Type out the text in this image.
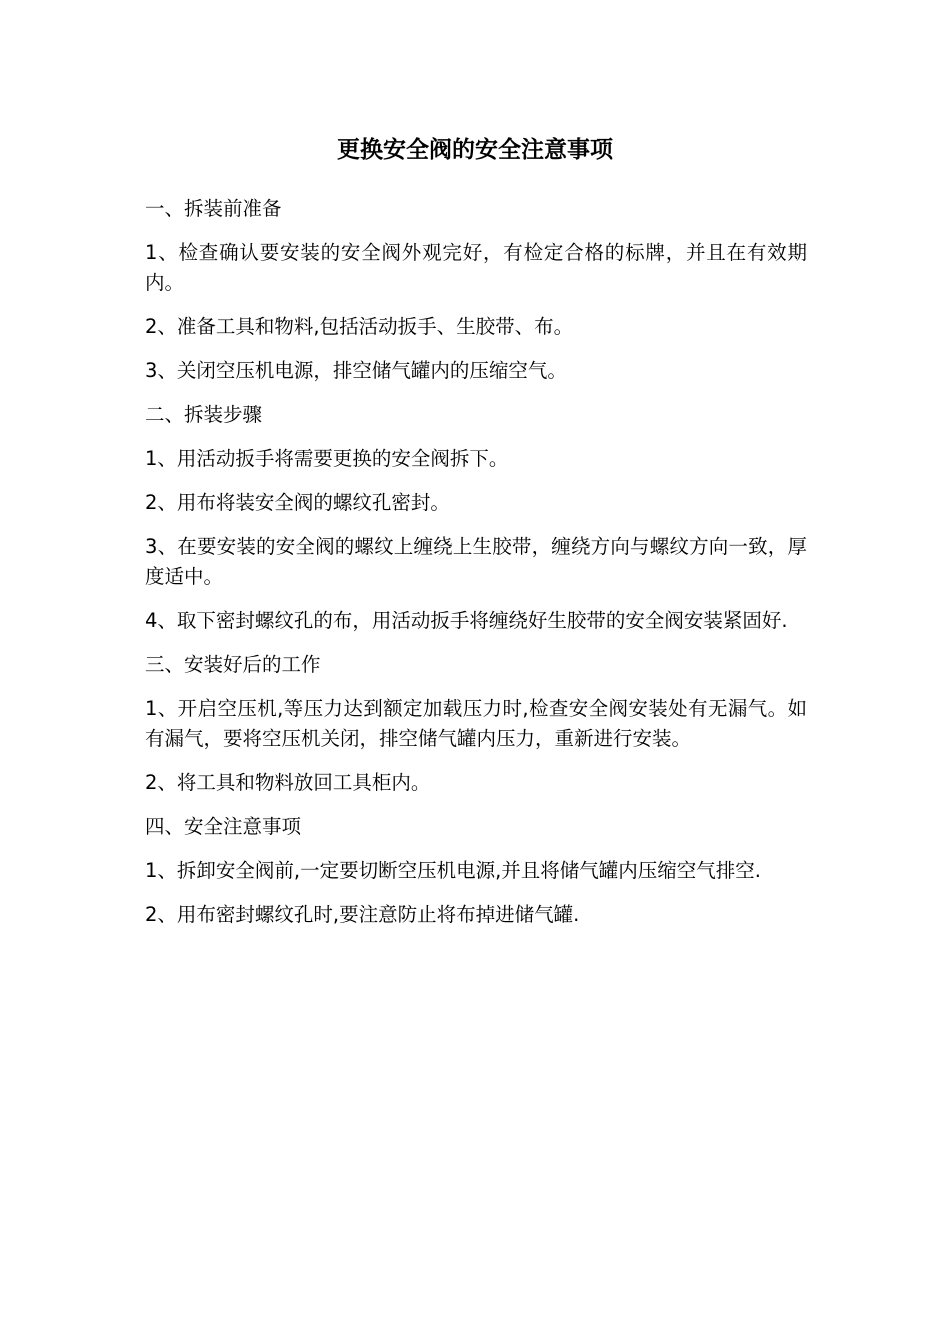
更换安全阀的安全注意事项

一、拆装前准备

1、检查确认要安装的安全阀外观完好，有检定合格的标牌，并且在有效期内。

2、准备工具和物料,包括活动扳手、生胶带、布。

3、关闭空压机电源，排空储气罐内的压缩空气。

二、拆装步骤

1、用活动扳手将需要更换的安全阀拆下。

2、用布将装安全阀的螺纹孔密封。

3、在要安装的安全阀的螺纹上缠绕上生胶带，缠绕方向与螺纹方向一致，厚度适中。

4、取下密封螺纹孔的布，用活动扳手将缠绕好生胶带的安全阀安装紧固好.

三、安装好后的工作

1、开启空压机,等压力达到额定加载压力时,检查安全阀安装处有无漏气。如有漏气，要将空压机关闭，排空储气罐内压力，重新进行安装。

2、将工具和物料放回工具柜内。

四、安全注意事项

1、拆卸安全阀前,一定要切断空压机电源,并且将储气罐内压缩空气排空.

2、用布密封螺纹孔时,要注意防止将布掉进储气罐.
